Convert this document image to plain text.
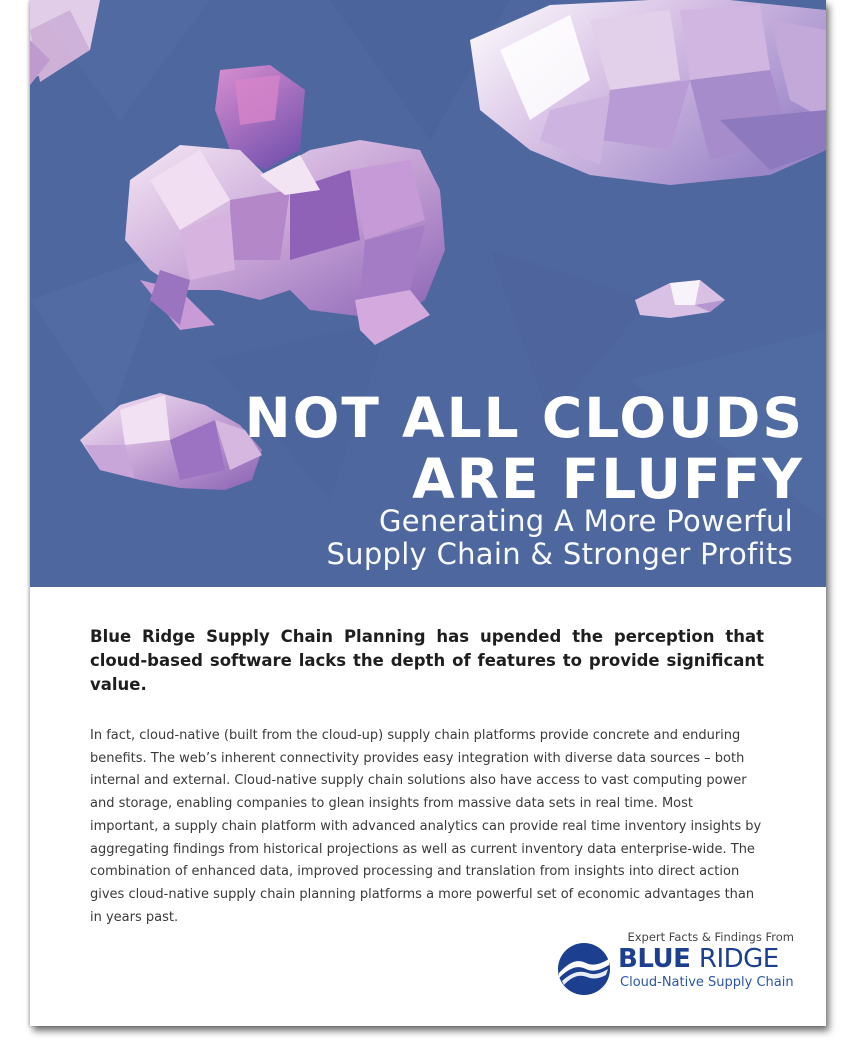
NOT ALL CLOUDS
ARE FLUFFY
Generating A More Powerful
Supply Chain & Stronger Profits

Blue Ridge Supply Chain Planning has upended the perception that cloud-based software lacks the depth of features to provide significant value.

In fact, cloud-native (built from the cloud-up) supply chain platforms provide concrete and enduring benefits. The web’s inherent connectivity provides easy integration with diverse data sources – both internal and external. Cloud-native supply chain solutions also have access to vast computing power and storage, enabling companies to glean insights from massive data sets in real time. Most important, a supply chain platform with advanced analytics can provide real time inventory insights by aggregating findings from historical projections as well as current inventory data enterprise-wide. The combination of enhanced data, improved processing and translation from insights into direct action gives cloud-native supply chain planning platforms a more powerful set of economic advantages than in years past.

Expert Facts & Findings From
BLUE RIDGE
Cloud-Native Supply Chain
